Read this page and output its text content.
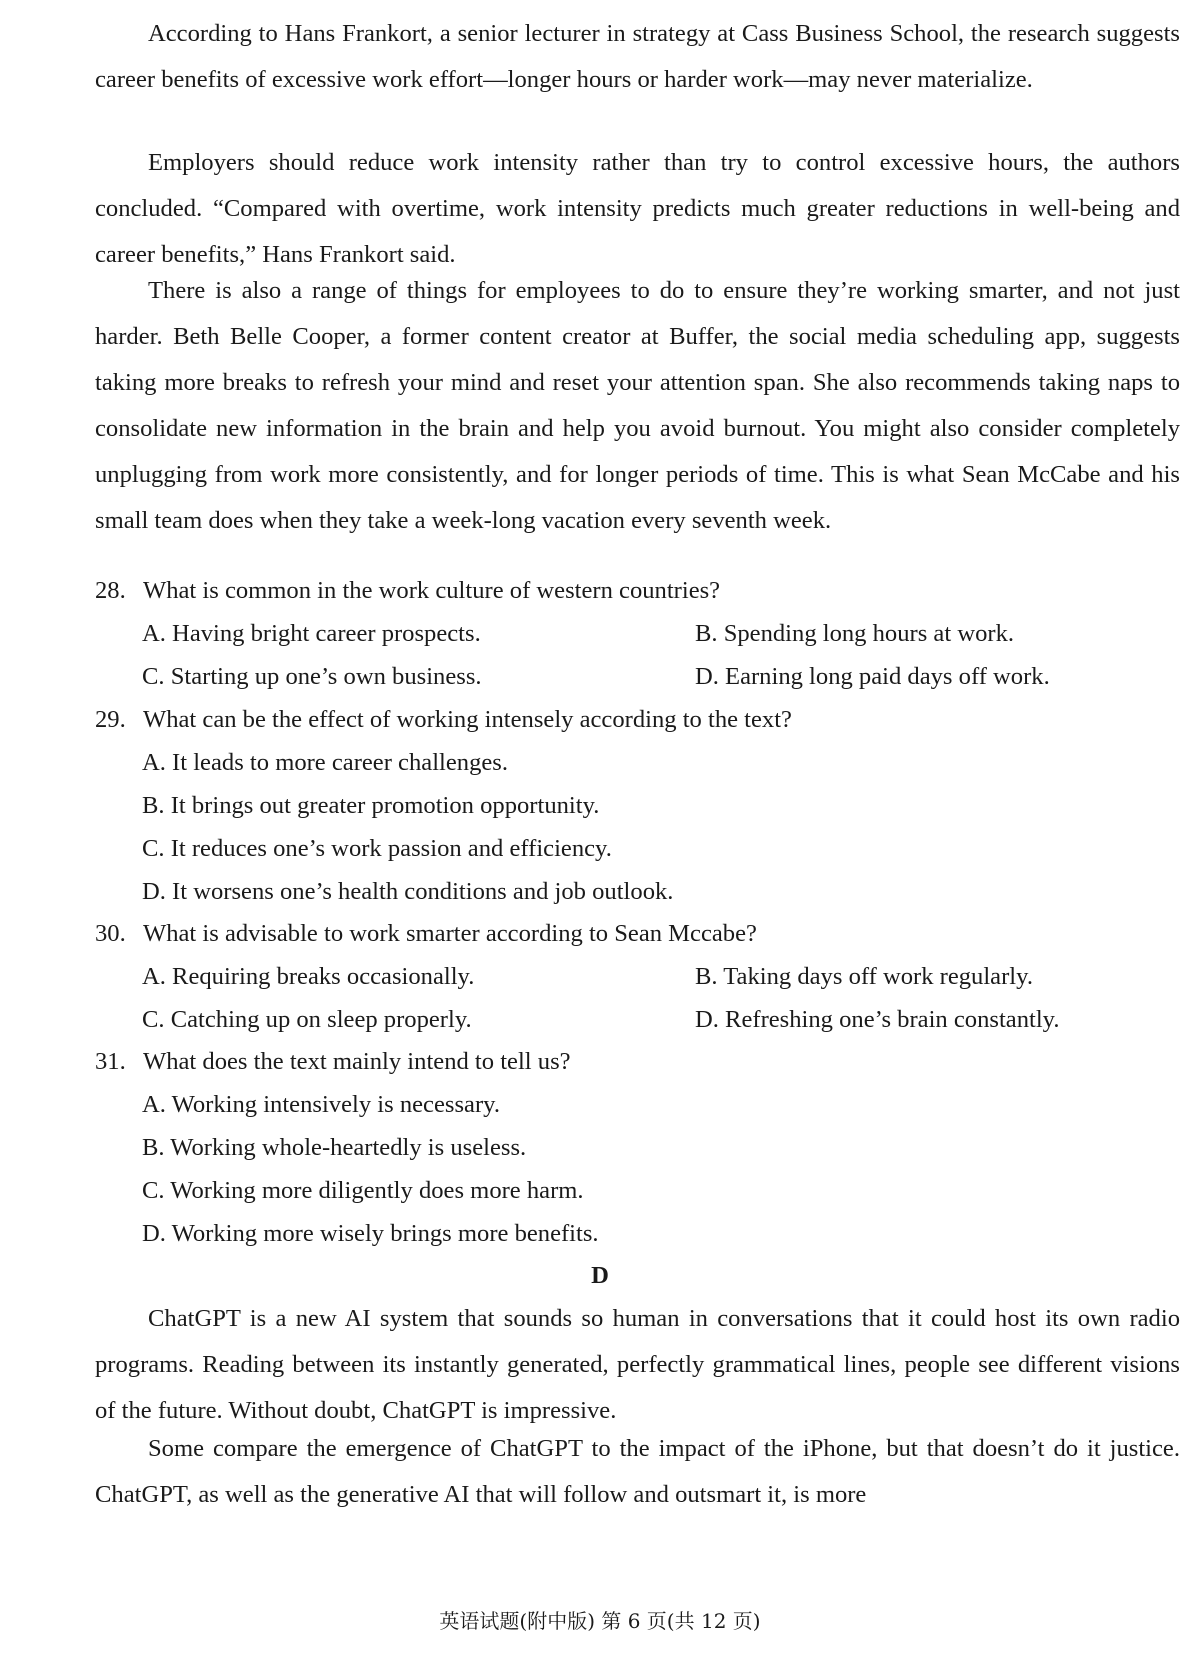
According to Hans Frankort, a senior lecturer in strategy at Cass Business School, the research suggests career benefits of excessive work effort—longer hours or harder work—may never materialize.

Employers should reduce work intensity rather than try to control excessive hours, the authors concluded. “Compared with overtime, work intensity predicts much greater reductions in well-being and career benefits,” Hans Frankort said.

There is also a range of things for employees to do to ensure they’re working smarter, and not just harder. Beth Belle Cooper, a former content creator at Buffer, the social media scheduling app, suggests taking more breaks to refresh your mind and reset your attention span. She also recommends taking naps to consolidate new information in the brain and help you avoid burnout. You might also consider completely unplugging from work more consistently, and for longer periods of time. This is what Sean McCabe and his small team does when they take a week-long vacation every seventh week.

28. What is common in the work culture of western countries?
A. Having bright career prospects.	B. Spending long hours at work.
C. Starting up one’s own business.	D. Earning long paid days off work.
29. What can be the effect of working intensely according to the text?
A. It leads to more career challenges.
B. It brings out greater promotion opportunity.
C. It reduces one’s work passion and efficiency.
D. It worsens one’s health conditions and job outlook.
30. What is advisable to work smarter according to Sean Mccabe?
A. Requiring breaks occasionally.	B. Taking days off work regularly.
C. Catching up on sleep properly.	D. Refreshing one’s brain constantly.
31. What does the text mainly intend to tell us?
A. Working intensively is necessary.
B. Working whole-heartedly is useless.
C. Working more diligently does more harm.
D. Working more wisely brings more benefits.
D

ChatGPT is a new AI system that sounds so human in conversations that it could host its own radio programs. Reading between its instantly generated, perfectly grammatical lines, people see different visions of the future. Without doubt, ChatGPT is impressive.

Some compare the emergence of ChatGPT to the impact of the iPhone, but that doesn’t do it justice. ChatGPT, as well as the generative AI that will follow and outsmart it, is more

英语试题(附中版) 第 6 页(共 12 页)
